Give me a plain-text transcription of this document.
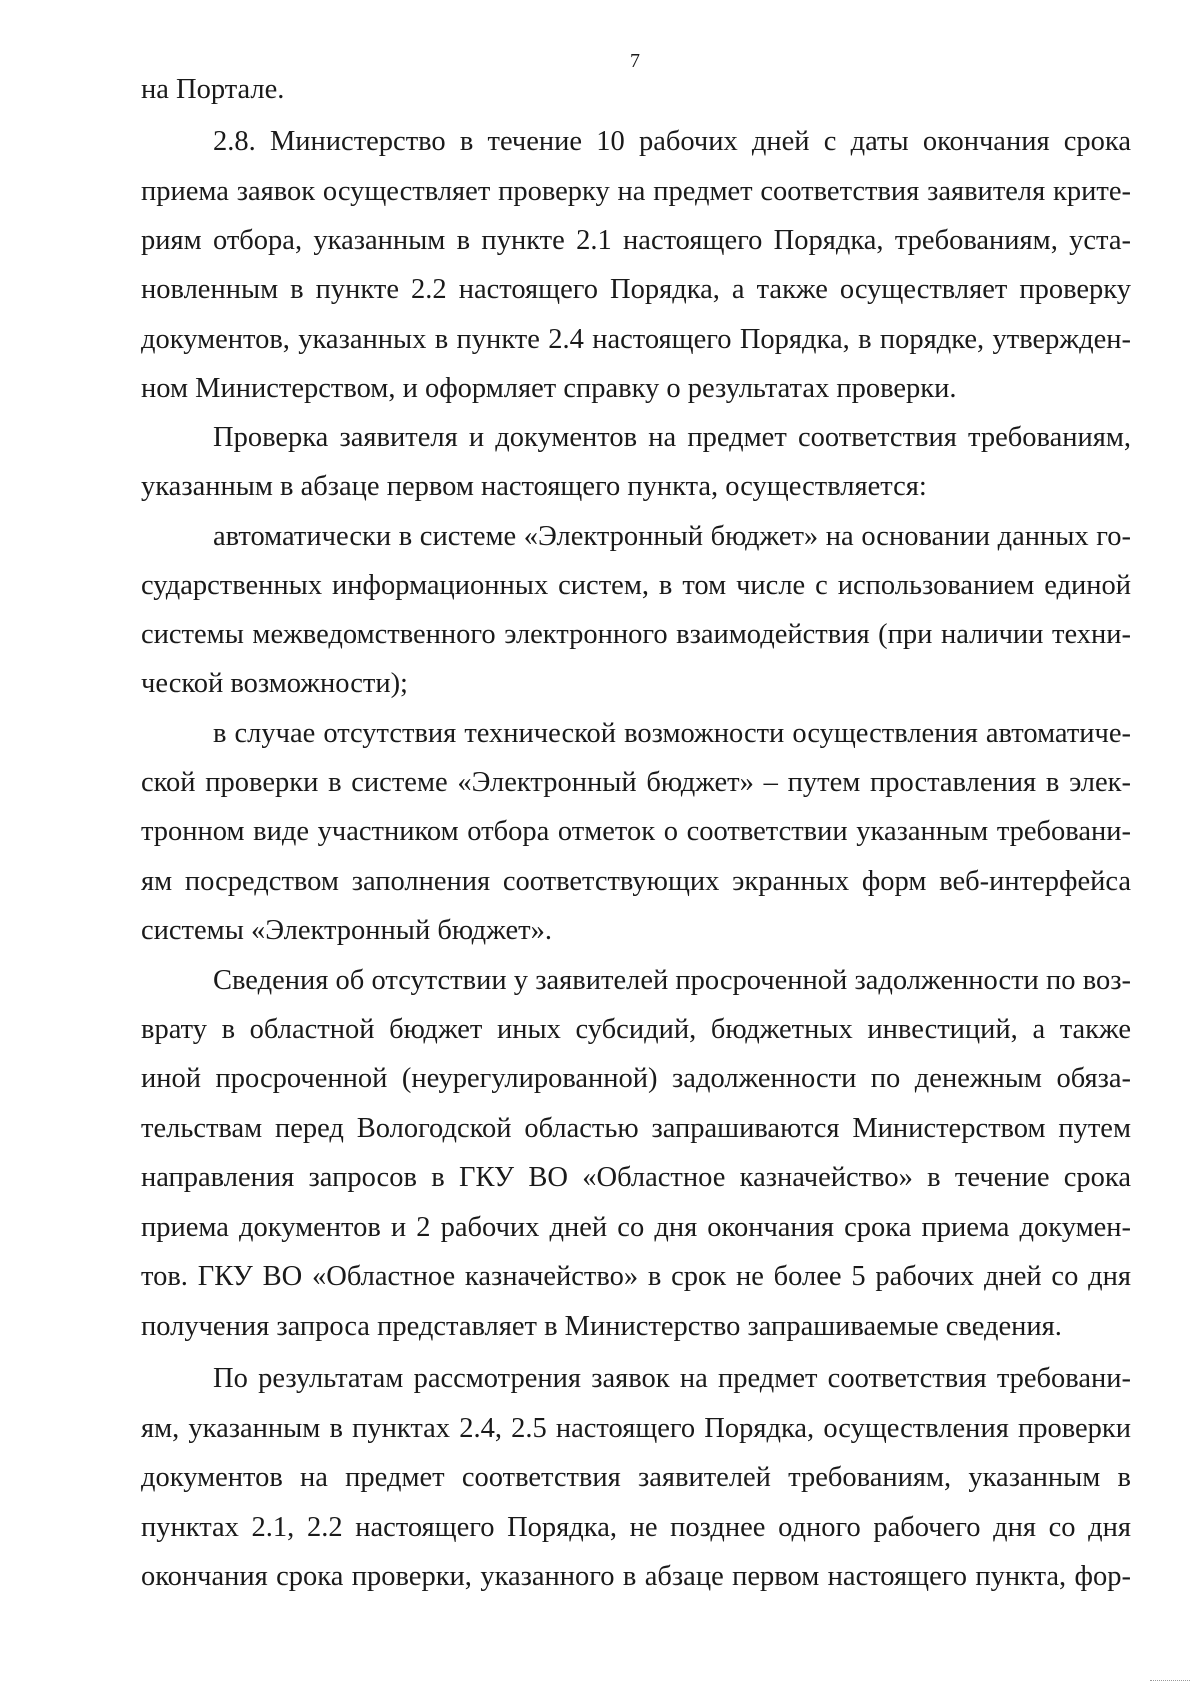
7
на Портале.
2.8. Министерство в течение 10 рабочих дней с даты окончания срока
приема заявок осуществляет проверку на предмет соответствия заявителя крите-
риям отбора, указанным в пункте 2.1 настоящего Порядка, требованиям, уста-
новленным в пункте 2.2 настоящего Порядка, а также осуществляет проверку
документов, указанных в пункте 2.4 настоящего Порядка, в порядке, утвержден-
ном Министерством, и оформляет справку о результатах проверки.
Проверка заявителя и документов на предмет соответствия требованиям,
указанным в абзаце первом настоящего пункта, осуществляется:
автоматически в системе «Электронный бюджет» на основании данных го-
сударственных информационных систем, в том числе с использованием единой
системы межведомственного электронного взаимодействия (при наличии техни-
ческой возможности);
в случае отсутствия технической возможности осуществления автоматиче-
ской проверки в системе «Электронный бюджет» – путем проставления в элек-
тронном виде участником отбора отметок о соответствии указанным требовани-
ям посредством заполнения соответствующих экранных форм веб-интерфейса
системы «Электронный бюджет».
Сведения об отсутствии у заявителей просроченной задолженности по воз-
врату в областной бюджет иных субсидий, бюджетных инвестиций, а также
иной просроченной (неурегулированной) задолженности по денежным обяза-
тельствам перед Вологодской областью запрашиваются Министерством путем
направления запросов в ГКУ ВО «Областное казначейство» в течение срока
приема документов и 2 рабочих дней со дня окончания срока приема докумен-
тов. ГКУ ВО «Областное казначейство» в срок не более 5 рабочих дней со дня
получения запроса представляет в Министерство запрашиваемые сведения.
По результатам рассмотрения заявок на предмет соответствия требовани-
ям, указанным в пунктах 2.4, 2.5 настоящего Порядка, осуществления проверки
документов на предмет соответствия заявителей требованиям, указанным в
пунктах 2.1, 2.2 настоящего Порядка, не позднее одного рабочего дня со дня
окончания срока проверки, указанного в абзаце первом настоящего пункта, фор-
